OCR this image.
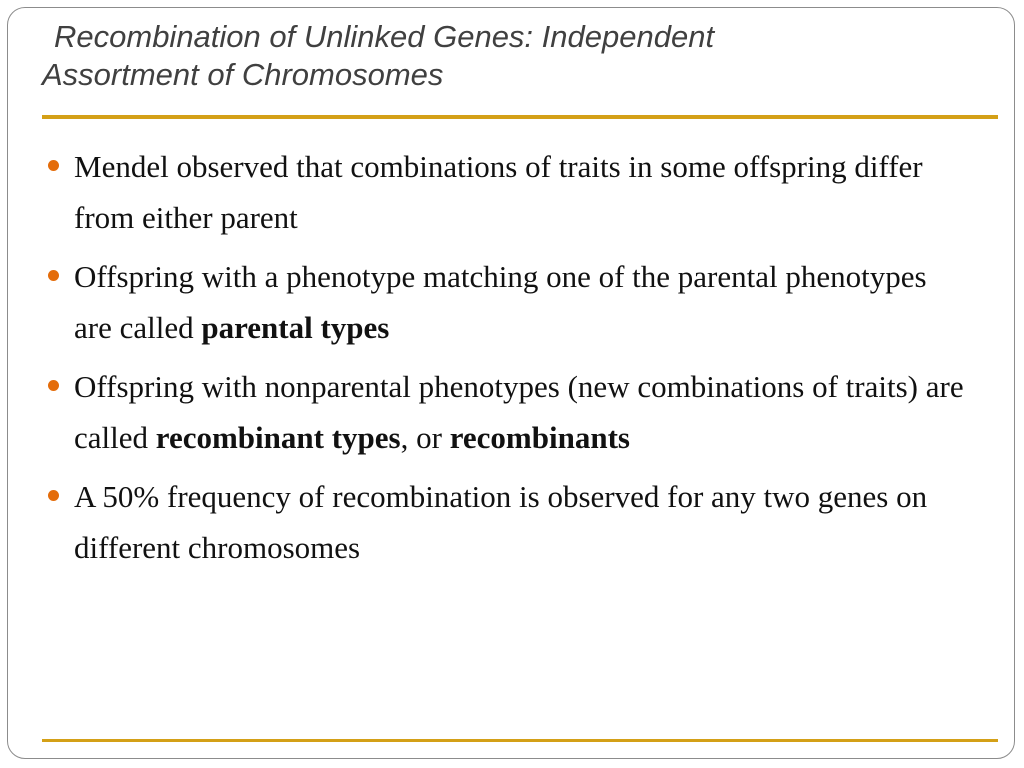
Recombination of Unlinked Genes: Independent
Assortment of Chromosomes
Mendel observed that combinations of traits in some offspring differ from either parent
Offspring with a phenotype matching one of the parental phenotypes are called parental types
Offspring with nonparental phenotypes (new combinations of traits) are called recombinant types, or recombinants
A 50% frequency of recombination is observed for any two genes on different chromosomes
